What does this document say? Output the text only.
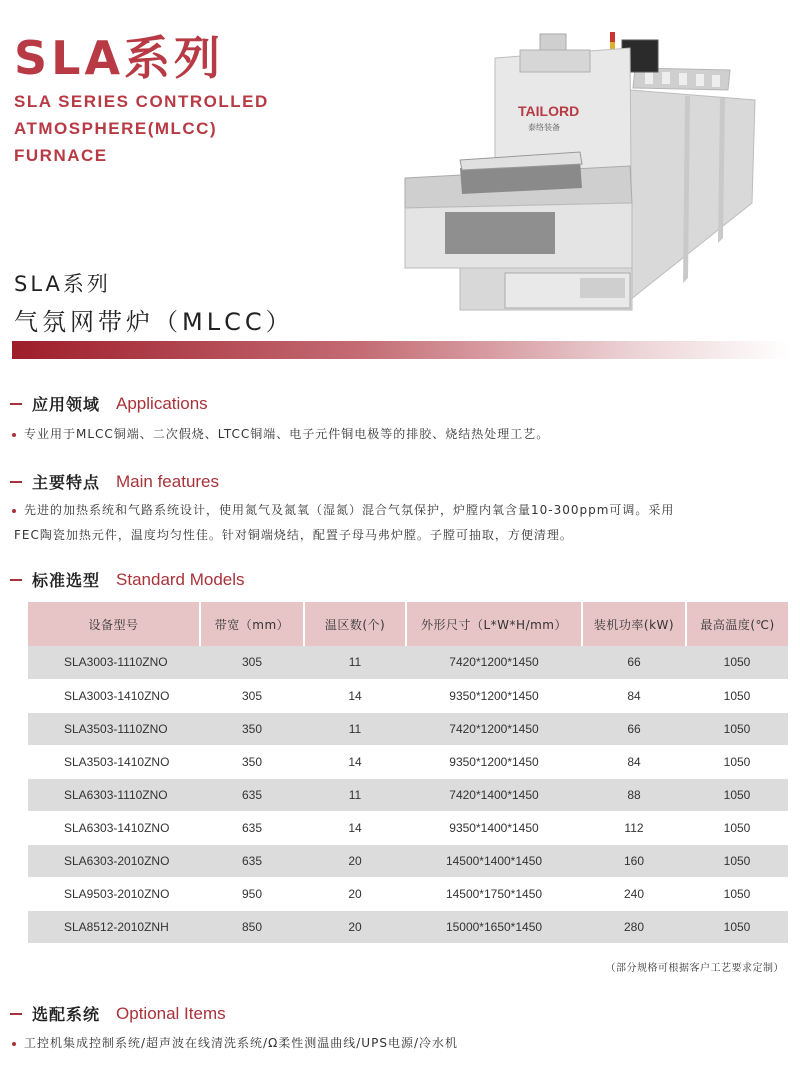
SLA系列
SLA SERIES CONTROLLED
ATMOSPHERE(MLCC)
FURNACE
SLA系列
气氛网带炉（MLCC）
TAILORD
泰络装备
应用领域 Applications
专业用于MLCC铜端、二次假烧、LTCC铜端、电子元件铜电极等的排胶、烧结热处理工艺。
主要特点 Main features
先进的加热系统和气路系统设计，使用氮气及氮氧（湿氮）混合气氛保护，炉膛内氧含量10-300ppm可调。采用
FEC陶瓷加热元件，温度均匀性佳。针对铜端烧结，配置子母马弗炉膛。子膛可抽取，方便清理。
标准选型 Standard Models
设备型号	带宽（mm）	温区数(个)	外形尺寸（L*W*H/mm）	装机功率(kW)	最高温度(℃)
SLA3003-1110ZNO	305	11	7420*1200*1450	66	1050
SLA3003-1410ZNO	305	14	9350*1200*1450	84	1050
SLA3503-1110ZNO	350	11	7420*1200*1450	66	1050
SLA3503-1410ZNO	350	14	9350*1200*1450	84	1050
SLA6303-1110ZNO	635	11	7420*1400*1450	88	1050
SLA6303-1410ZNO	635	14	9350*1400*1450	112	1050
SLA6303-2010ZNO	635	20	14500*1400*1450	160	1050
SLA9503-2010ZNO	950	20	14500*1750*1450	240	1050
SLA8512-2010ZNH	850	20	15000*1650*1450	280	1050
（部分规格可根据客户工艺要求定制）
选配系统 Optional Items
工控机集成控制系统/超声波在线清洗系统/Ω柔性测温曲线/UPS电源/冷水机
